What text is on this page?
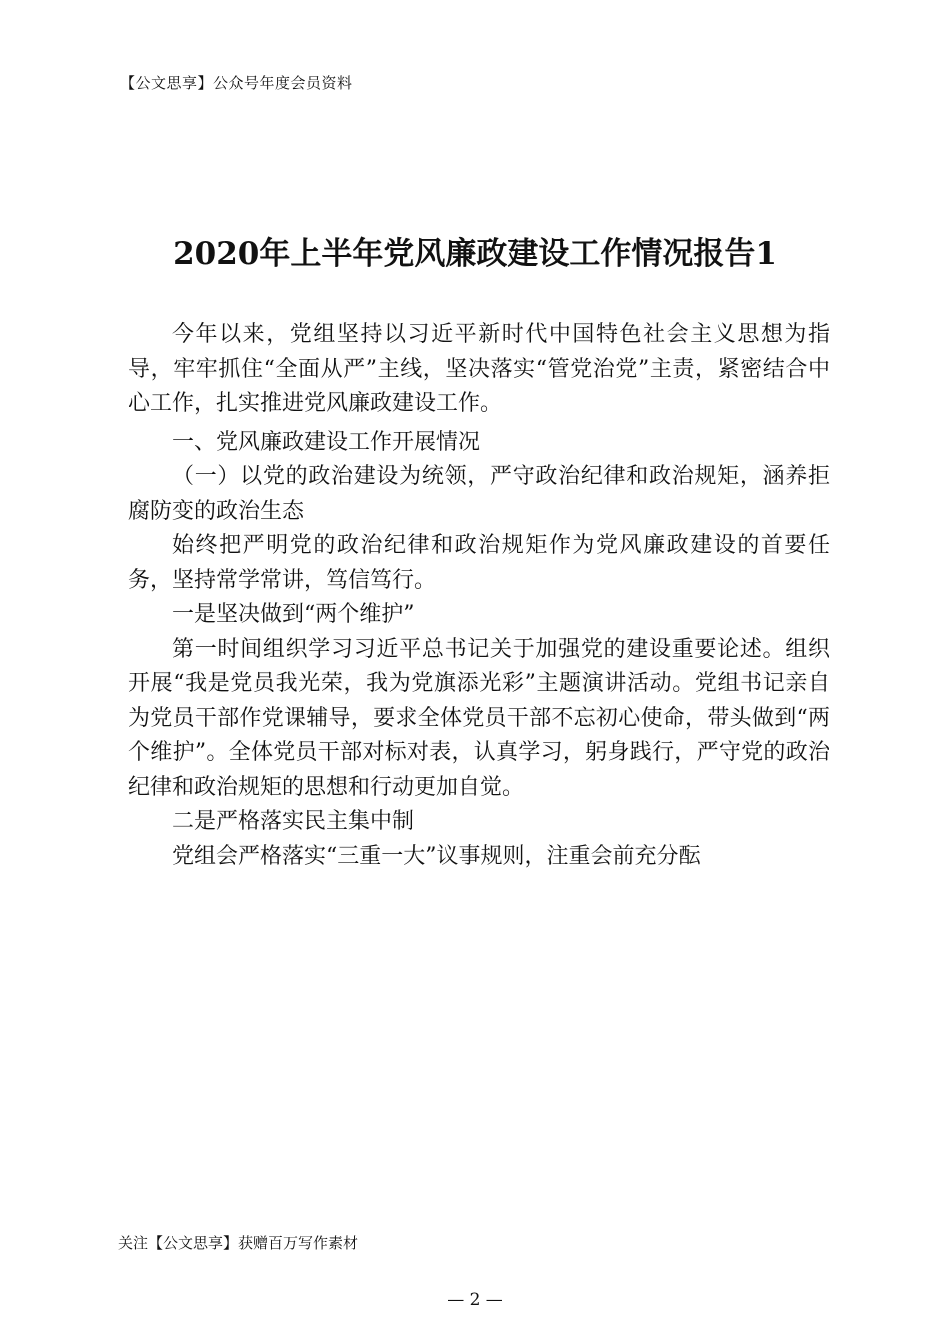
【公文思享】公众号年度会员资料
2020年上半年党风廉政建设工作情况报告1

今年以来，党组坚持以习近平新时代中国特色社会主义思想为指导，牢牢抓住“全面从严”主线，坚决落实“管党治党”主责，紧密结合中心工作，扎实推进党风廉政建设工作。

一、党风廉政建设工作开展情况

（一）以党的政治建设为统领，严守政治纪律和政治规矩，涵养拒腐防变的政治生态

始终把严明党的政治纪律和政治规矩作为党风廉政建设的首要任务，坚持常学常讲，笃信笃行。

一是坚决做到“两个维护”

第一时间组织学习习近平总书记关于加强党的建设重要论述。组织开展“我是党员我光荣，我为党旗添光彩”主题演讲活动。党组书记亲自为党员干部作党课辅导，要求全体党员干部不忘初心使命，带头做到“两个维护”。全体党员干部对标对表，认真学习，躬身践行，严守党的政治纪律和政治规矩的思想和行动更加自觉。

二是严格落实民主集中制

党组会严格落实“三重一大”议事规则，注重会前充分酝

关注【公文思享】获赠百万写作素材
— 2 —
